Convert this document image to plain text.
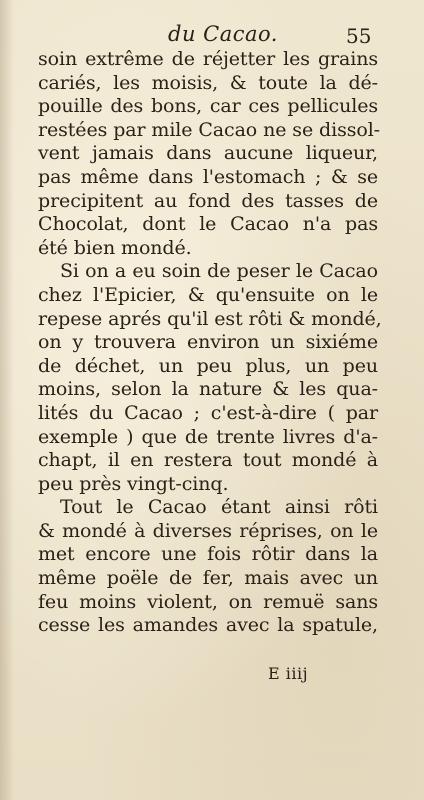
du Cacao.	55
soin extrême de réjetter les grains
cariés, les moisis, & toute la dé-
pouille des bons, car ces pellicules
restées par mile Cacao ne se dissol-
vent jamais dans aucune liqueur,
pas même dans l'estomach ; & se
precipitent au fond des tasses de
Chocolat, dont le Cacao n'a pas
été bien mondé.
Si on a eu soin de peser le Cacao
chez l'Epicier, & qu'ensuite on le
repese aprés qu'il est rôti & mondé,
on y trouvera environ un sixiéme
de déchet, un peu plus, un peu
moins, selon la nature & les qua-
lités du Cacao ; c'est-à-dire ( par
exemple ) que de trente livres d'a-
chapt, il en restera tout mondé à
peu près vingt-cinq.
Tout le Cacao étant ainsi rôti
& mondé à diverses réprises, on le
met encore une fois rôtir dans la
même poële de fer, mais avec un
feu moins violent, on remuë sans
cesse les amandes avec la spatule,
E iiij
